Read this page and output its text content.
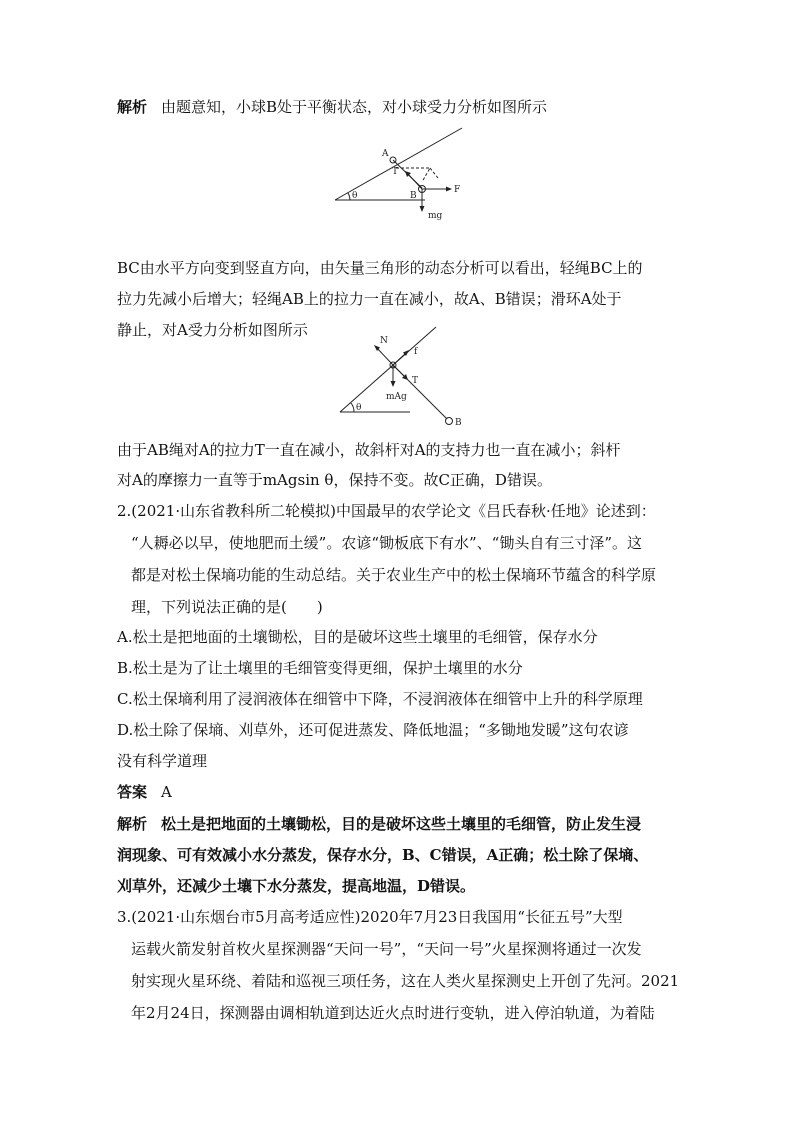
解析 由题意知，小球B处于平衡状态，对小球受力分析如图所示
A
T
θ	B
F
mg
BC由水平方向变到竖直方向，由矢量三角形的动态分析可以看出，轻绳BC上的
拉力先减小后增大；轻绳AB上的拉力一直在减小，故A、B错误；滑环A处于
静止，对A受力分析如图所示
N
f
T
mAg
θ
B
由于AB绳对A的拉力T一直在减小，故斜杆对A的支持力也一直在减小；斜杆
对A的摩擦力一直等于mAgsin θ，保持不变。故C正确，D错误。
2.(2021·山东省教科所二轮模拟)中国最早的农学论文《吕氏春秋·任地》论述到：
“人耨必以早，使地肥而土缓”。农谚“锄板底下有水”、“锄头自有三寸泽”。这
都是对松土保墒功能的生动总结。关于农业生产中的松土保墒环节蕴含的科学原
理，下列说法正确的是(　　)
A.松土是把地面的土壤锄松，目的是破坏这些土壤里的毛细管，保存水分
B.松土是为了让土壤里的毛细管变得更细，保护土壤里的水分
C.松土保墒利用了浸润液体在细管中下降，不浸润液体在细管中上升的科学原理
D.松土除了保墒、刈草外，还可促进蒸发、降低地温；“多锄地发暖”这句农谚
没有科学道理
答案 A
解析 松土是把地面的土壤锄松，目的是破坏这些土壤里的毛细管，防止发生浸
润现象、可有效减小水分蒸发，保存水分，B、C错误，A正确；松土除了保墒、
刈草外，还减少土壤下水分蒸发，提高地温，D错误。
3.(2021·山东烟台市5月高考适应性)2020年7月23日我国用“长征五号”大型
运载火箭发射首枚火星探测器“天问一号”，“天问一号”火星探测将通过一次发
射实现火星环绕、着陆和巡视三项任务，这在人类火星探测史上开创了先河。2021
年2月24日，探测器由调相轨道到达近火点时进行变轨，进入停泊轨道，为着陆
